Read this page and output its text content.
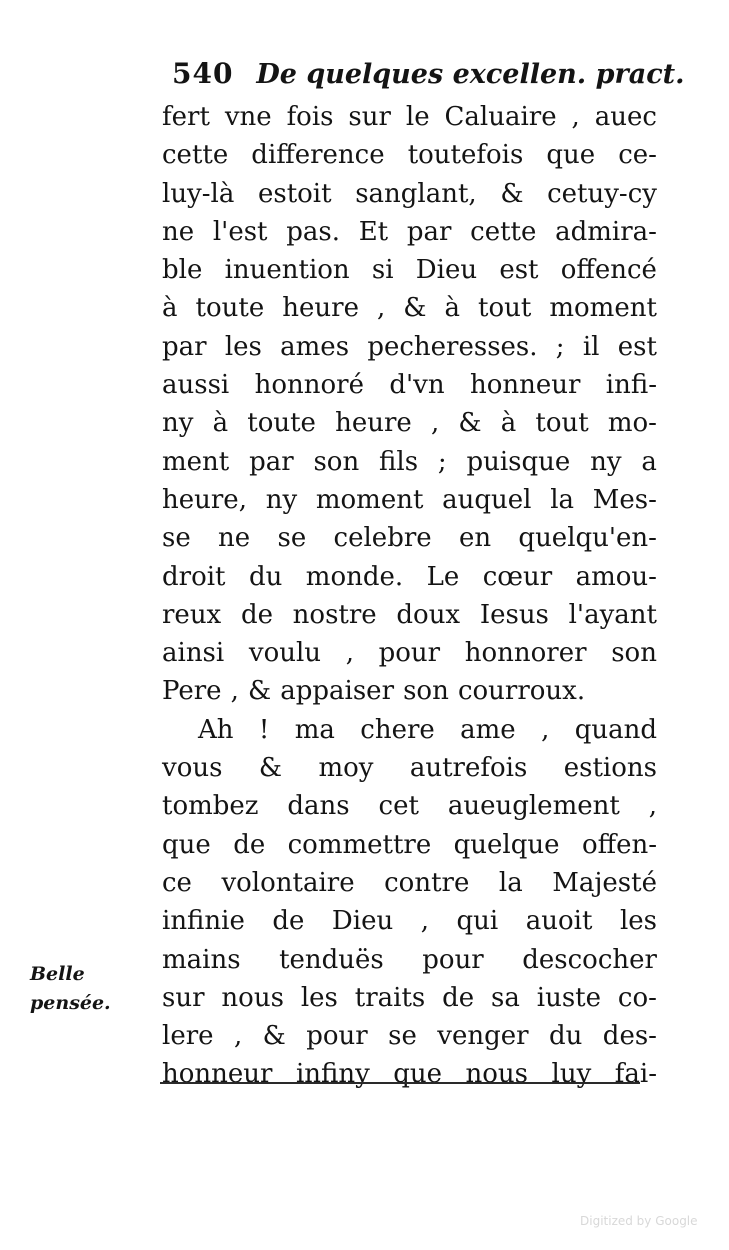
540 De quelques excellen. pract.
fert vne fois sur le Caluaire , auec
cette difference toutefois que ce-
luy-là estoit sanglant, & cetuy-cy
ne l'est pas. Et par cette admira-
ble inuention si Dieu est offencé
à toute heure , & à tout moment
par les ames pecheresses. ; il est
aussi honnoré d'vn honneur infi-
ny à toute heure , & à tout mo-
ment par son fils ; puisque ny a
heure, ny moment auquel la Mes-
se ne se celebre en quelqu'en-
droit du monde. Le cœur amou-
reux de nostre doux Iesus l'ayant
ainsi voulu , pour honnorer son
Pere , & appaiser son courroux.
Ah ! ma chere ame , quand
vous & moy autrefois estions
tombez dans cet aueuglement ,
que de commettre quelque offen-
ce volontaire contre la Majesté
infinie de Dieu , qui auoit les
mains tenduës pour descocher
sur nous les traits de sa iuste co-
lere , & pour se venger du des-
honneur infiny que nous luy fai-
Belle
pensée.
Digitized by Google
